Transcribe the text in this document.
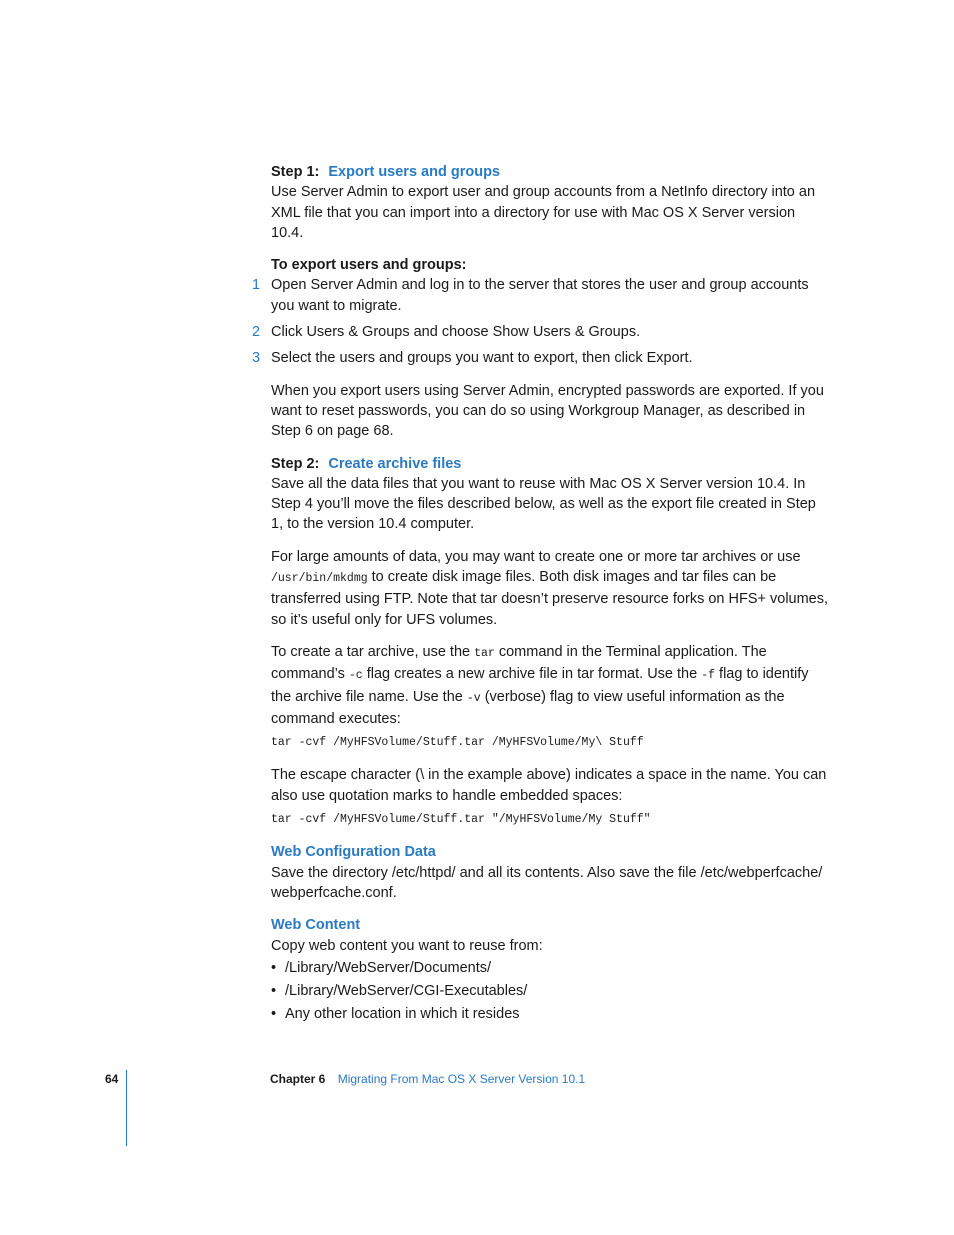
Step 1: Export users and groups

Use Server Admin to export user and group accounts from a NetInfo directory into an XML file that you can import into a directory for use with Mac OS X Server version 10.4.

To export users and groups:

1 Open Server Admin and log in to the server that stores the user and group accounts you want to migrate.
2 Click Users & Groups and choose Show Users & Groups.
3 Select the users and groups you want to export, then click Export.

When you export users using Server Admin, encrypted passwords are exported. If you want to reset passwords, you can do so using Workgroup Manager, as described in Step 6 on page 68.

Step 2: Create archive files

Save all the data files that you want to reuse with Mac OS X Server version 10.4. In Step 4 you’ll move the files described below, as well as the export file created in Step 1, to the version 10.4 computer.

For large amounts of data, you may want to create one or more tar archives or use /usr/bin/mkdmg to create disk image files. Both disk images and tar files can be transferred using FTP. Note that tar doesn’t preserve resource forks on HFS+ volumes, so it’s useful only for UFS volumes.

To create a tar archive, use the tar command in the Terminal application. The command’s -c flag creates a new archive file in tar format. Use the -f flag to identify the archive file name. Use the -v (verbose) flag to view useful information as the command executes:

tar -cvf /MyHFSVolume/Stuff.tar /MyHFSVolume/My\ Stuff

The escape character (\ in the example above) indicates a space in the name. You can also use quotation marks to handle embedded spaces:

tar -cvf /MyHFSVolume/Stuff.tar "/MyHFSVolume/My Stuff"

Web Configuration Data

Save the directory /etc/httpd/ and all its contents. Also save the file /etc/webperfcache/ webperfcache.conf.

Web Content

Copy web content you want to reuse from:

• /Library/WebServer/Documents/
• /Library/WebServer/CGI-Executables/
• Any other location in which it resides
64	Chapter 6 Migrating From Mac OS X Server Version 10.1
